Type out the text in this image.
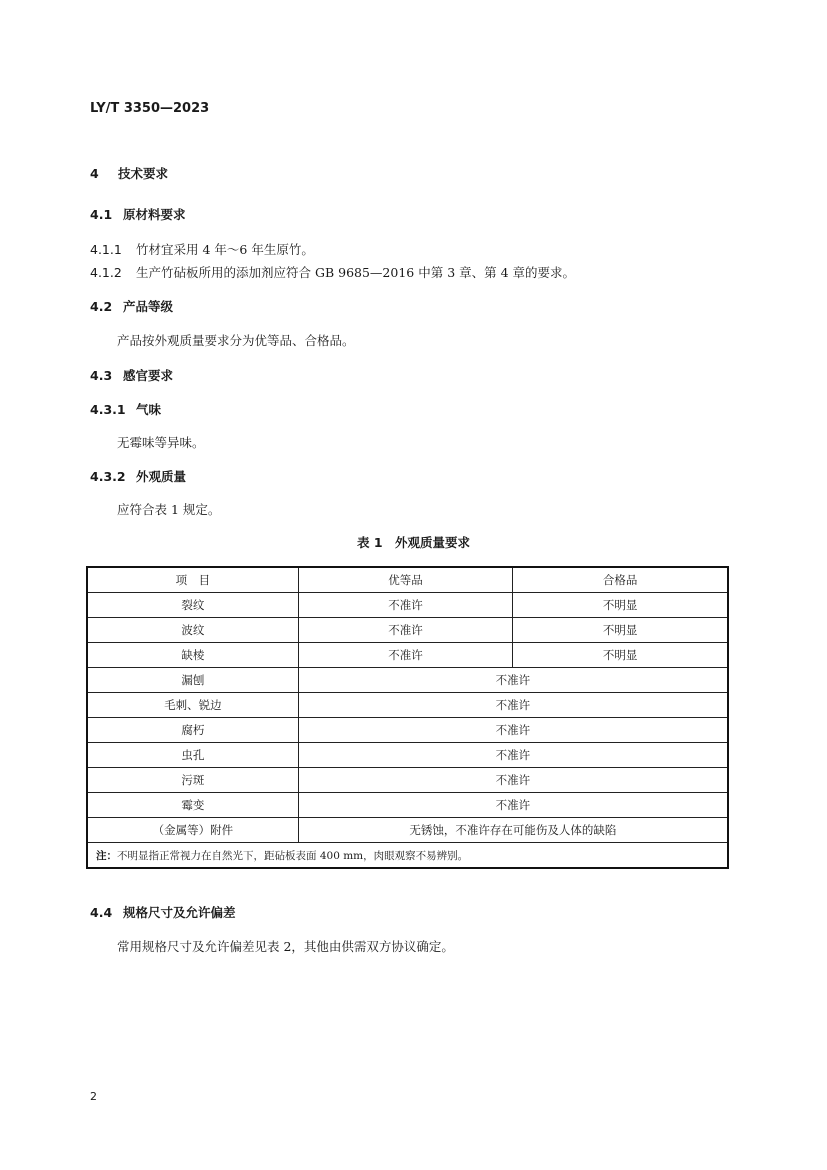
LY/T 3350—2023
4 技术要求
4.1 原材料要求
4.1.1 竹材宜采用 4 年～6 年生原竹。
4.1.2 生产竹砧板所用的添加剂应符合 GB 9685—2016 中第 3 章、第 4 章的要求。
4.2 产品等级
产品按外观质量要求分为优等品、合格品。
4.3 感官要求
4.3.1 气味
无霉味等异味。
4.3.2 外观质量
应符合表 1 规定。
表 1　外观质量要求
项　目	优等品	合格品
裂纹	不准许	不明显
波纹	不准许	不明显
缺棱	不准许	不明显
漏刨	不准许	
毛刺、锐边	不准许	
腐朽	不准许	
虫孔	不准许	
污斑	不准许	
霉变	不准许	
（金属等）附件	无锈蚀，不准许存在可能伤及人体的缺陷	
注：不明显指正常视力在自然光下，距砧板表面 400 mm，肉眼观察不易辨别。		
4.4 规格尺寸及允许偏差
常用规格尺寸及允许偏差见表 2，其他由供需双方协议确定。
2
